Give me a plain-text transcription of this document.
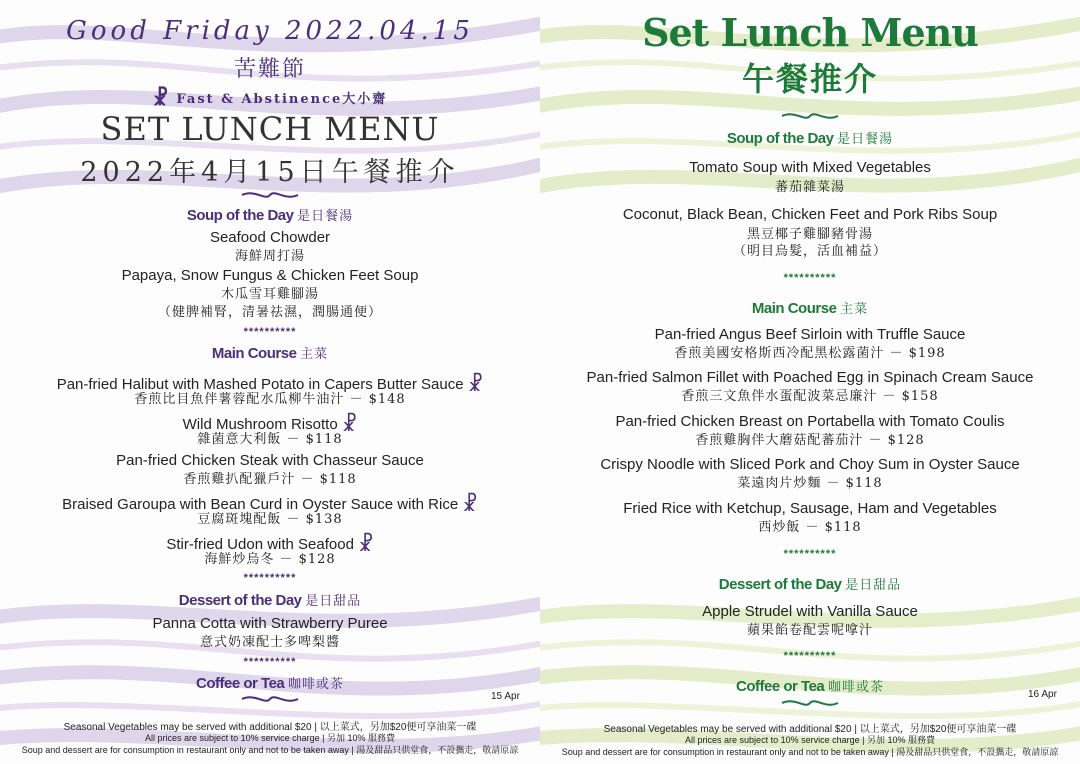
Good Friday 2022.04.15
苦難節
☧ Fast & Abstinence大小齋
SET LUNCH MENU
2022年4月15日午餐推介
Soup of the Day 是日餐湯
Seafood Chowder
海鮮周打湯
Papaya, Snow Fungus & Chicken Feet Soup
木瓜雪耳雞腳湯
（健脾補腎，清暑祛濕，潤腸通便）
**********
Main Course 主菜
Pan-fried Halibut with Mashed Potato in Capers Butter Sauce ☧
香煎比目魚伴薯蓉配水瓜柳牛油汁 － $148
Wild Mushroom Risotto ☧
雜菌意大利飯 － $118
Pan-fried Chicken Steak with Chasseur Sauce
香煎雞扒配獵戶汁 － $118
Braised Garoupa with Bean Curd in Oyster Sauce with Rice ☧
豆腐斑塊配飯 － $138
Stir-fried Udon with Seafood ☧
海鮮炒烏冬 － $128
**********
Dessert of the Day 是日甜品
Panna Cotta with Strawberry Puree
意式奶凍配士多啤梨醬
**********
Coffee or Tea 咖啡或茶
15 Apr
Seasonal Vegetables may be served with additional $20 | 以上菜式，另加$20便可享油菜一碟
All prices are subject to 10% service charge | 另加 10% 服務費
Soup and dessert are for consumption in restaurant only and not to be taken away | 湯及甜品只供堂食，不設攜走，敬請原諒
Set Lunch Menu
午餐推介
Soup of the Day 是日餐湯
Tomato Soup with Mixed Vegetables
蕃茄雜菜湯
Coconut, Black Bean, Chicken Feet and Pork Ribs Soup
黑豆椰子雞腳豬骨湯
（明目烏髮，活血補益）
**********
Main Course 主菜
Pan-fried Angus Beef Sirloin with Truffle Sauce
香煎美國安格斯西冷配黑松露菌汁 － $198
Pan-fried Salmon Fillet with Poached Egg in Spinach Cream Sauce
香煎三文魚伴水蛋配波菜忌廉汁 － $158
Pan-fried Chicken Breast on Portabella with Tomato Coulis
香煎雞胸伴大蘑菇配蕃茄汁 － $128
Crispy Noodle with Sliced Pork and Choy Sum in Oyster Sauce
菜遠肉片炒麵 － $118
Fried Rice with Ketchup, Sausage, Ham and Vegetables
西炒飯 － $118
**********
Dessert of the Day 是日甜品
Apple Strudel with Vanilla Sauce
蘋果餡卷配雲呢嗱汁
**********
Coffee or Tea 咖啡或茶	16 Apr
Seasonal Vegetables may be served with additional $20 | 以上菜式，另加$20便可享油菜一碟
All prices are subject to 10% service charge | 另加 10% 服務費
Soup and dessert are for consumption in restaurant only and not to be taken away | 湯及甜品只供堂食，不設攜走，敬請原諒
